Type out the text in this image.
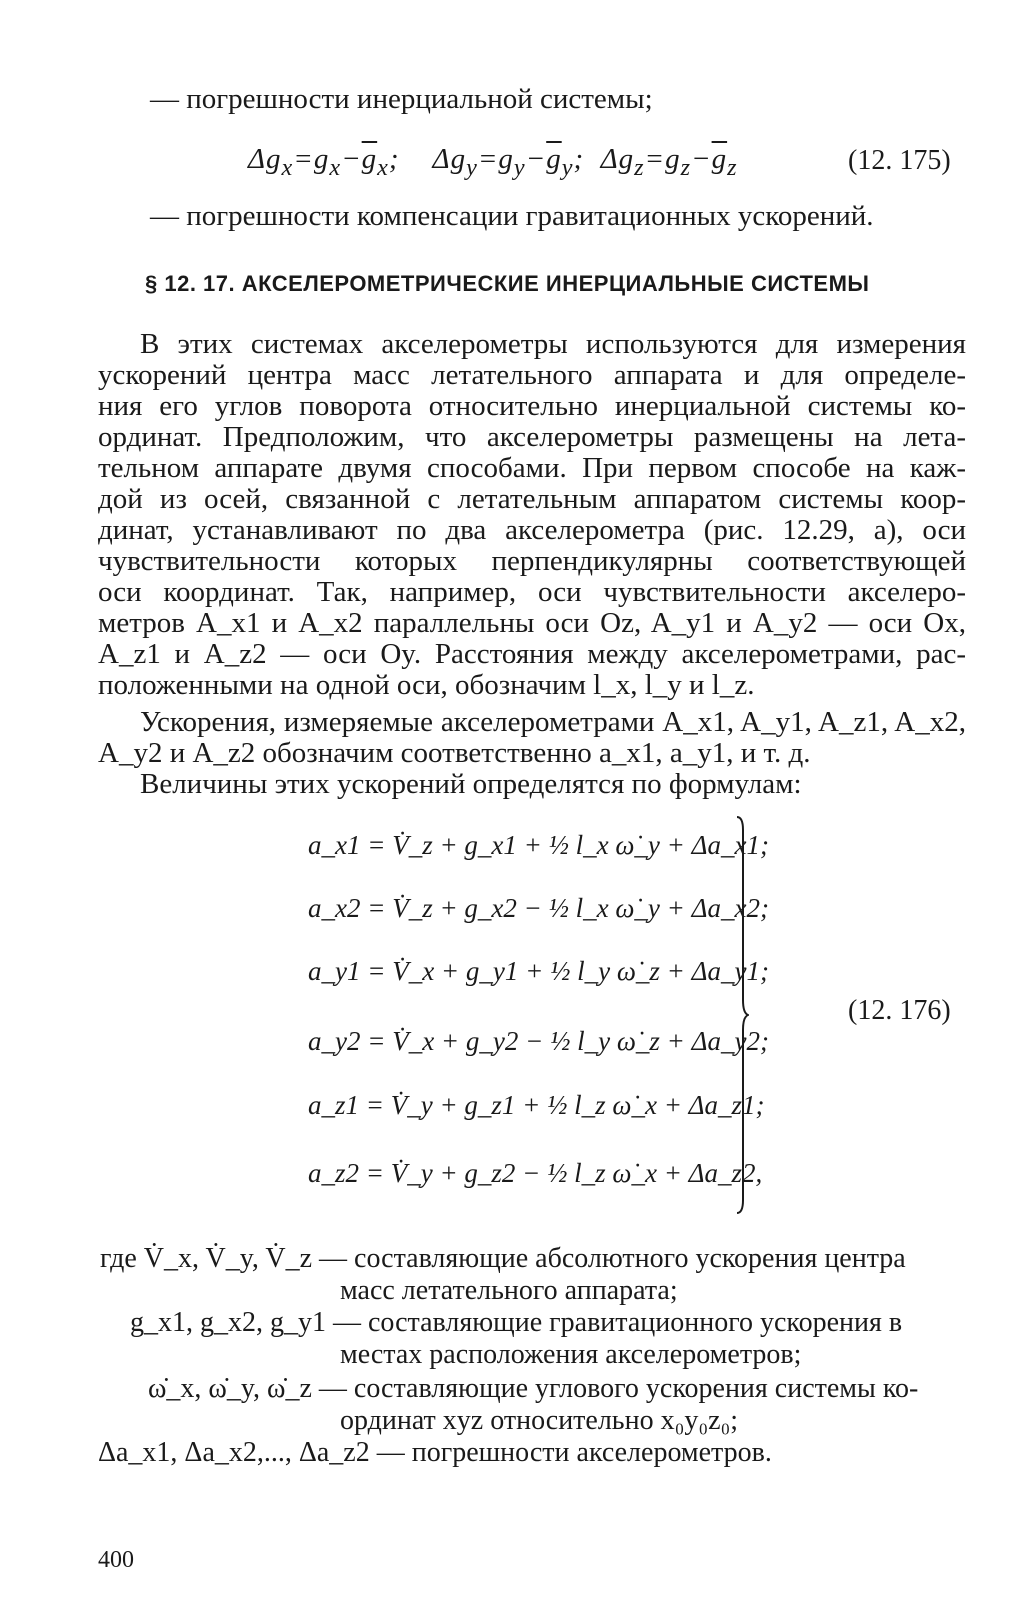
— погрешности инерциальной системы;
$\Delta g_x=g_x-\overline{g}_x$;    $\Delta g_y=g_y-\overline{g}_y$;  $\Delta g_z=g_z-\overline{g}_z$	(12. 175)
— погрешности компенсации гравитационных ускорений.
§ 12. 17. АКСЕЛЕРОМЕТРИЧЕСКИЕ ИНЕРЦИАЛЬНЫЕ СИСТЕМЫ
В этих системах акселерометры используются для измерения
ускорений центра масс летательного аппарата и для определе-
ния его углов поворота относительно инерциальной системы ко-
ординат. Предположим, что акселерометры размещены на лета-
тельном аппарате двумя способами. При первом способе на каж-
дой из осей, связанной с летательным аппаратом системы коор-
динат, устанавливают по два акселерометра (рис. 12.29, а), оси
чувствительности которых перпендикулярны соответствующей
оси координат. Так, например, оси чувствительности акселеро-
метров A_x1 и A_x2 параллельны оси Oz, A_y1 и A_y2 — оси Ox,
A_z1 и A_z2 — оси Oy. Расстояния между акселерометрами, рас-
положенными на одной оси, обозначим l_x, l_y и l_z.
Ускорения, измеряемые акселерометрами A_x1, A_y1, A_z1, A_x2,
A_y2 и A_z2 обозначим соответственно a_x1, a_y1, и т. д.
Величины этих ускорений определятся по формулам:
a_x1 = V̇_z + g_x1 + ½ l_x ω̇_y + Δa_x1;
a_x2 = V̇_z + g_x2 − ½ l_x ω̇_y + Δa_x2;
a_y1 = V̇_x + g_y1 + ½ l_y ω̇_z + Δa_y1;
a_y2 = V̇_x + g_y2 − ½ l_y ω̇_z + Δa_y2;
a_z1 = V̇_y + g_z1 + ½ l_z ω̇_x + Δa_z1;
a_z2 = V̇_y + g_z2 − ½ l_z ω̇_x + Δa_z2,
(12. 176)
где V̇_x, V̇_y, V̇_z — составляющие абсолютного ускорения центра
масс летательного аппарата;
g_x1, g_x2, g_y1 — составляющие гравитационного ускорения в
местах расположения акселерометров;
ω̇_x, ω̇_y, ω̇_z — составляющие углового ускорения системы ко-
ординат xyz относительно x₀y₀z₀;
Δa_x1, Δa_x2,..., Δa_z2 — погрешности акселерометров.
400
